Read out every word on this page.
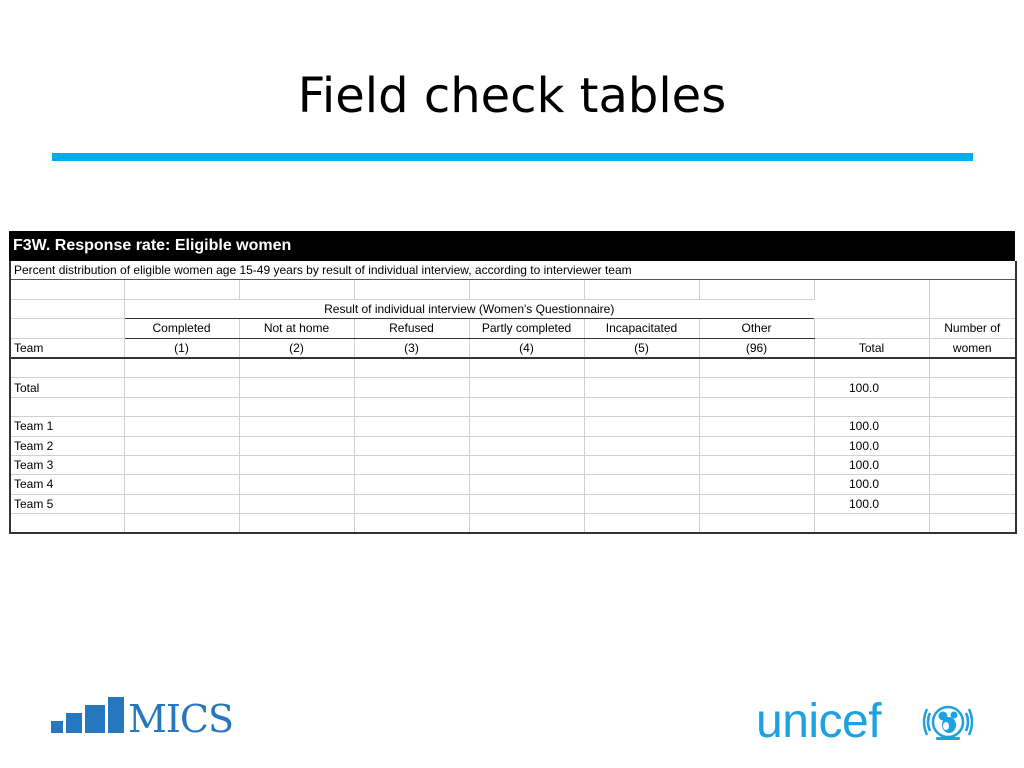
Field check tables
F3W. Response rate: Eligible women
Percent distribution of eligible women age 15-49 years by result of individual interview, according to interviewer team								

	Result of individual interview (Women's Questionnaire)							
	Completed	Not at home	Refused	Partly completed	Incapacitated	Other		Number of
Team	(1)	(2)	(3)	(4)	(5)	(96)	Total	women

Total							100.0	

Team 1							100.0	
Team 2							100.0	
Team 3							100.0	
Team 4							100.0	
Team 5							100.0	

MICS	unicef
